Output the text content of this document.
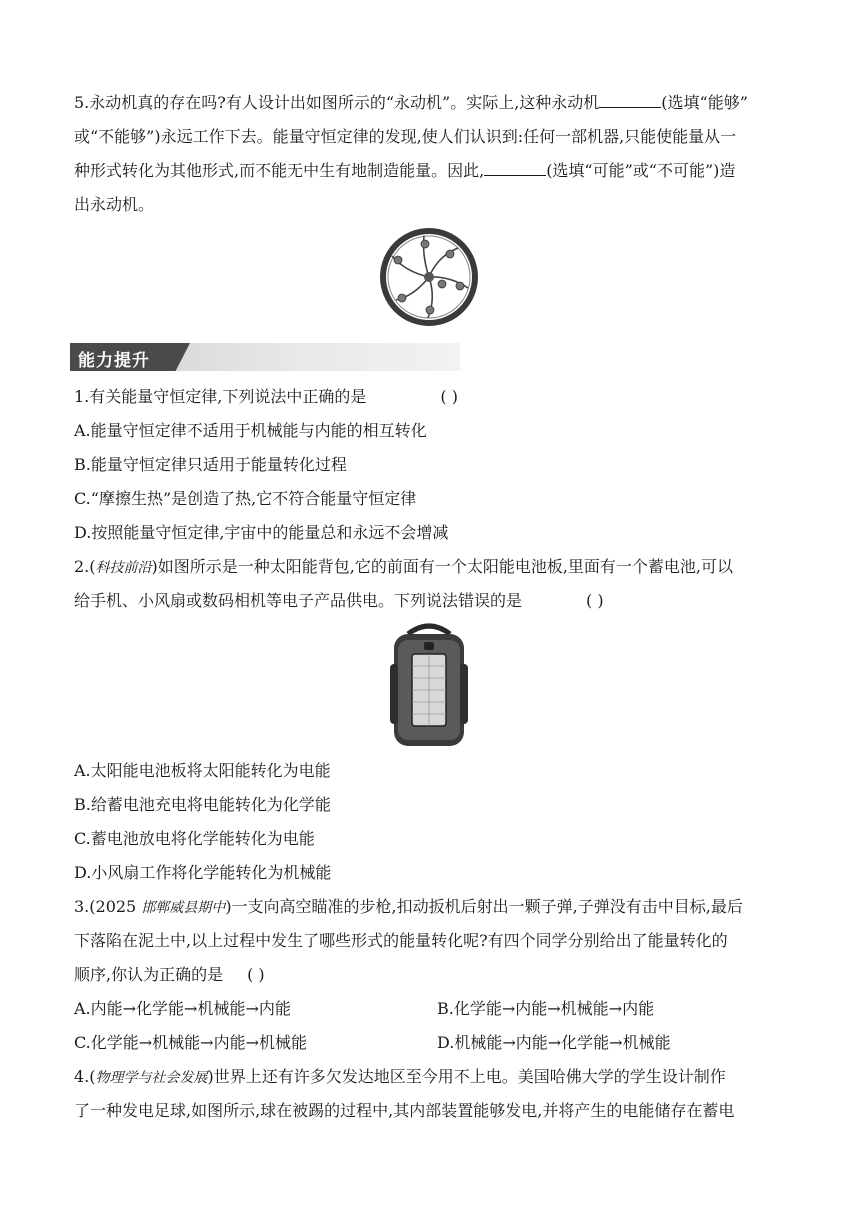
5.永动机真的存在吗?有人设计出如图所示的“永动机”。实际上,这种永动机	(选填“能够”
或“不能够”)永远工作下去。能量守恒定律的发现,使人们认识到:任何一部机器,只能使能量从一
种形式转化为其他形式,而不能无中生有地制造能量。因此,	(选填“可能”或“不可能”)造
出永动机。
能力提升
1.有关能量守恒定律,下列说法中正确的是	( )
A.能量守恒定律不适用于机械能与内能的相互转化
B.能量守恒定律只适用于能量转化过程
C.“摩擦生热”是创造了热,它不符合能量守恒定律
D.按照能量守恒定律,宇宙中的能量总和永远不会增减
2.(科技前沿)如图所示是一种太阳能背包,它的前面有一个太阳能电池板,里面有一个蓄电池,可以
给手机、小风扇或数码相机等电子产品供电。下列说法错误的是	( )
A.太阳能电池板将太阳能转化为电能
B.给蓄电池充电将电能转化为化学能
C.蓄电池放电将化学能转化为电能
D.小风扇工作将化学能转化为机械能
3.(2025 邯郸威县期中)一支向高空瞄准的步枪,扣动扳机后射出一颗子弹,子弹没有击中目标,最后
下落陷在泥土中,以上过程中发生了哪些形式的能量转化呢?有四个同学分别给出了能量转化的
顺序,你认为正确的是 ( )
A.内能→化学能→机械能→内能	B.化学能→内能→机械能→内能
C.化学能→机械能→内能→机械能	D.机械能→内能→化学能→机械能
4.(物理学与社会发展)世界上还有许多欠发达地区至今用不上电。美国哈佛大学的学生设计制作
了一种发电足球,如图所示,球在被踢的过程中,其内部装置能够发电,并将产生的电能储存在蓄电
